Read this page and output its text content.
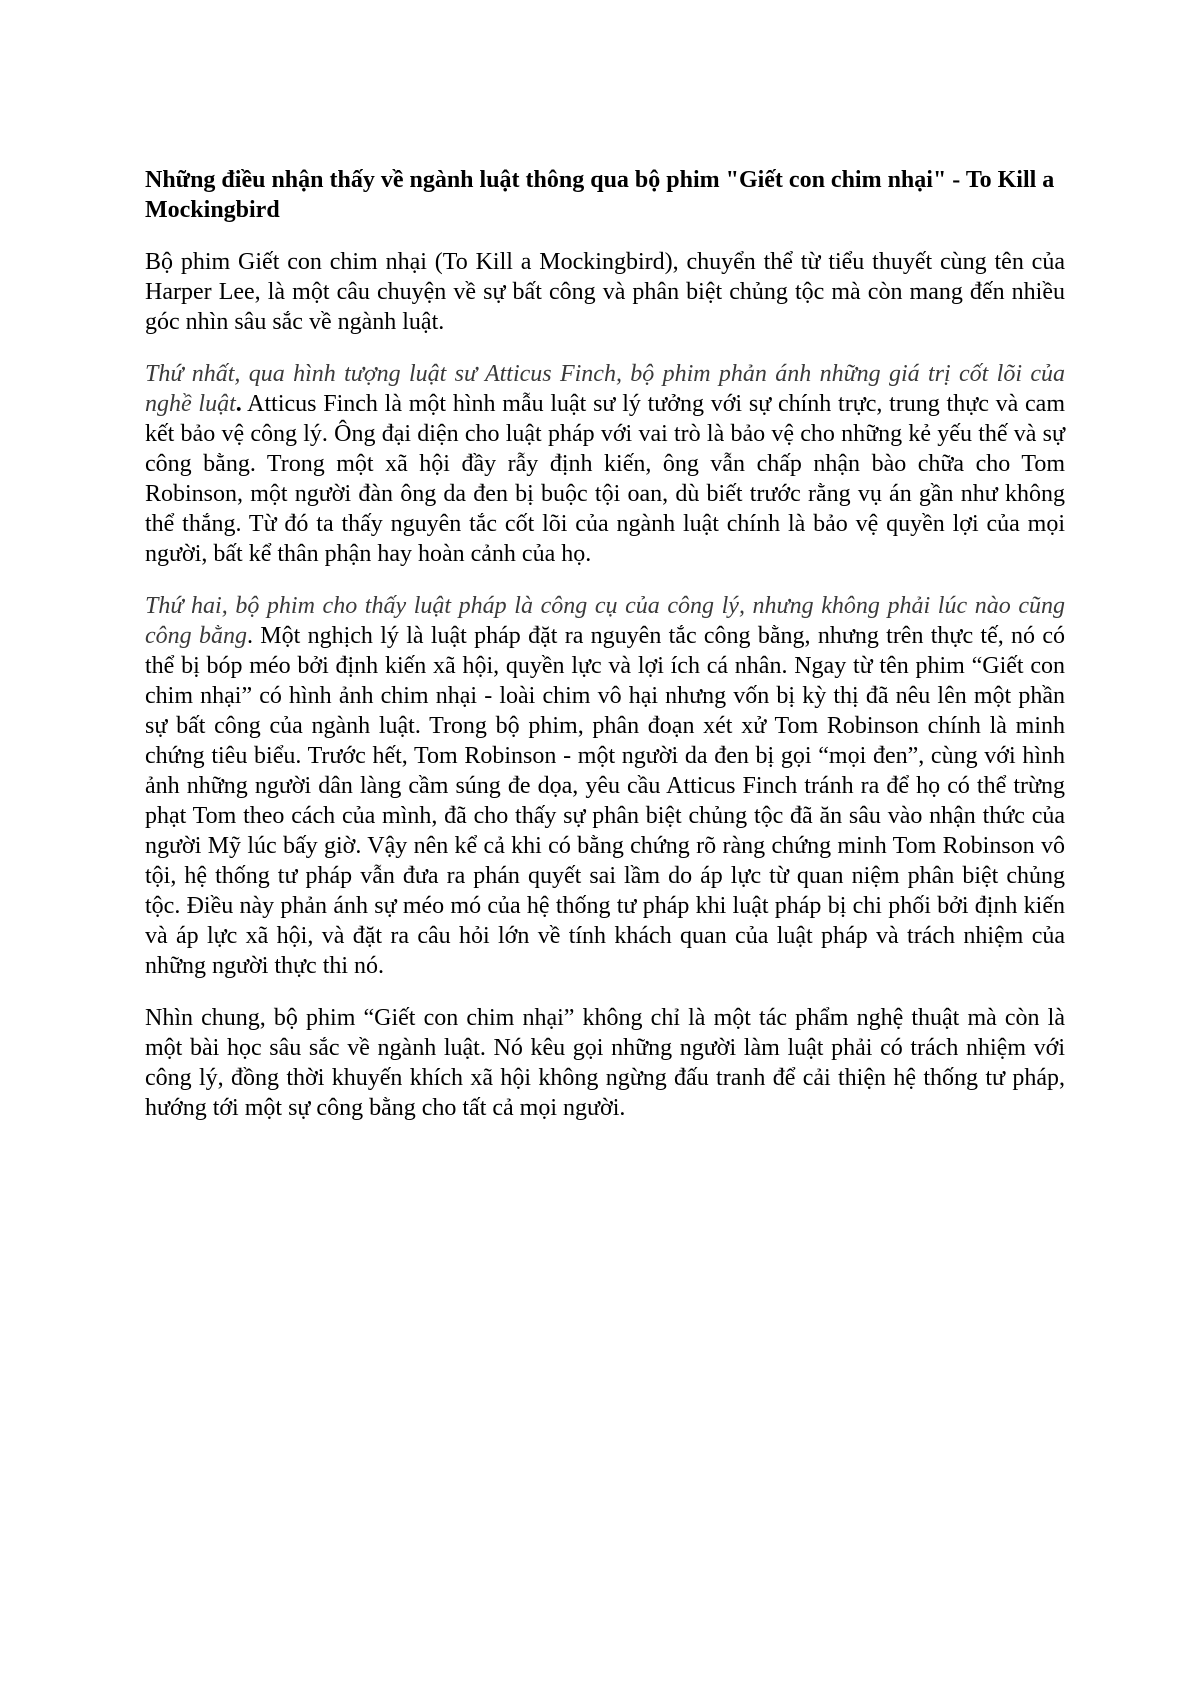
Những điều nhận thấy về ngành luật thông qua bộ phim "Giết con chim nhại" - To Kill a Mockingbird

Bộ phim Giết con chim nhại (To Kill a Mockingbird), chuyển thể từ tiểu thuyết cùng tên của Harper Lee, là một câu chuyện về sự bất công và phân biệt chủng tộc mà còn mang đến nhiều góc nhìn sâu sắc về ngành luật.

Thứ nhất, qua hình tượng luật sư Atticus Finch, bộ phim phản ánh những giá trị cốt lõi của nghề luật. Atticus Finch là một hình mẫu luật sư lý tưởng với sự chính trực, trung thực và cam kết bảo vệ công lý. Ông đại diện cho luật pháp với vai trò là bảo vệ cho những kẻ yếu thế và sự công bằng. Trong một xã hội đầy rẫy định kiến, ông vẫn chấp nhận bào chữa cho Tom Robinson, một người đàn ông da đen bị buộc tội oan, dù biết trước rằng vụ án gần như không thể thắng. Từ đó ta thấy nguyên tắc cốt lõi của ngành luật chính là bảo vệ quyền lợi của mọi người, bất kể thân phận hay hoàn cảnh của họ.

Thứ hai, bộ phim cho thấy luật pháp là công cụ của công lý, nhưng không phải lúc nào cũng công bằng. Một nghịch lý là luật pháp đặt ra nguyên tắc công bằng, nhưng trên thực tế, nó có thể bị bóp méo bởi định kiến xã hội, quyền lực và lợi ích cá nhân. Ngay từ tên phim “Giết con chim nhại” có hình ảnh chim nhại - loài chim vô hại nhưng vốn bị kỳ thị đã nêu lên một phần sự bất công của ngành luật. Trong bộ phim, phân đoạn xét xử Tom Robinson chính là minh chứng tiêu biểu. Trước hết, Tom Robinson - một người da đen bị gọi “mọi đen”, cùng với hình ảnh những người dân làng cầm súng đe dọa, yêu cầu Atticus Finch tránh ra để họ có thể trừng phạt Tom theo cách của mình, đã cho thấy sự phân biệt chủng tộc đã ăn sâu vào nhận thức của người Mỹ lúc bấy giờ. Vậy nên kể cả khi có bằng chứng rõ ràng chứng minh Tom Robinson vô tội, hệ thống tư pháp vẫn đưa ra phán quyết sai lầm do áp lực từ quan niệm phân biệt chủng tộc. Điều này phản ánh sự méo mó của hệ thống tư pháp khi luật pháp bị chi phối bởi định kiến và áp lực xã hội, và đặt ra câu hỏi lớn về tính khách quan của luật pháp và trách nhiệm của những người thực thi nó.

Nhìn chung, bộ phim “Giết con chim nhại” không chỉ là một tác phẩm nghệ thuật mà còn là một bài học sâu sắc về ngành luật. Nó kêu gọi những người làm luật phải có trách nhiệm với công lý, đồng thời khuyến khích xã hội không ngừng đấu tranh để cải thiện hệ thống tư pháp, hướng tới một sự công bằng cho tất cả mọi người.
